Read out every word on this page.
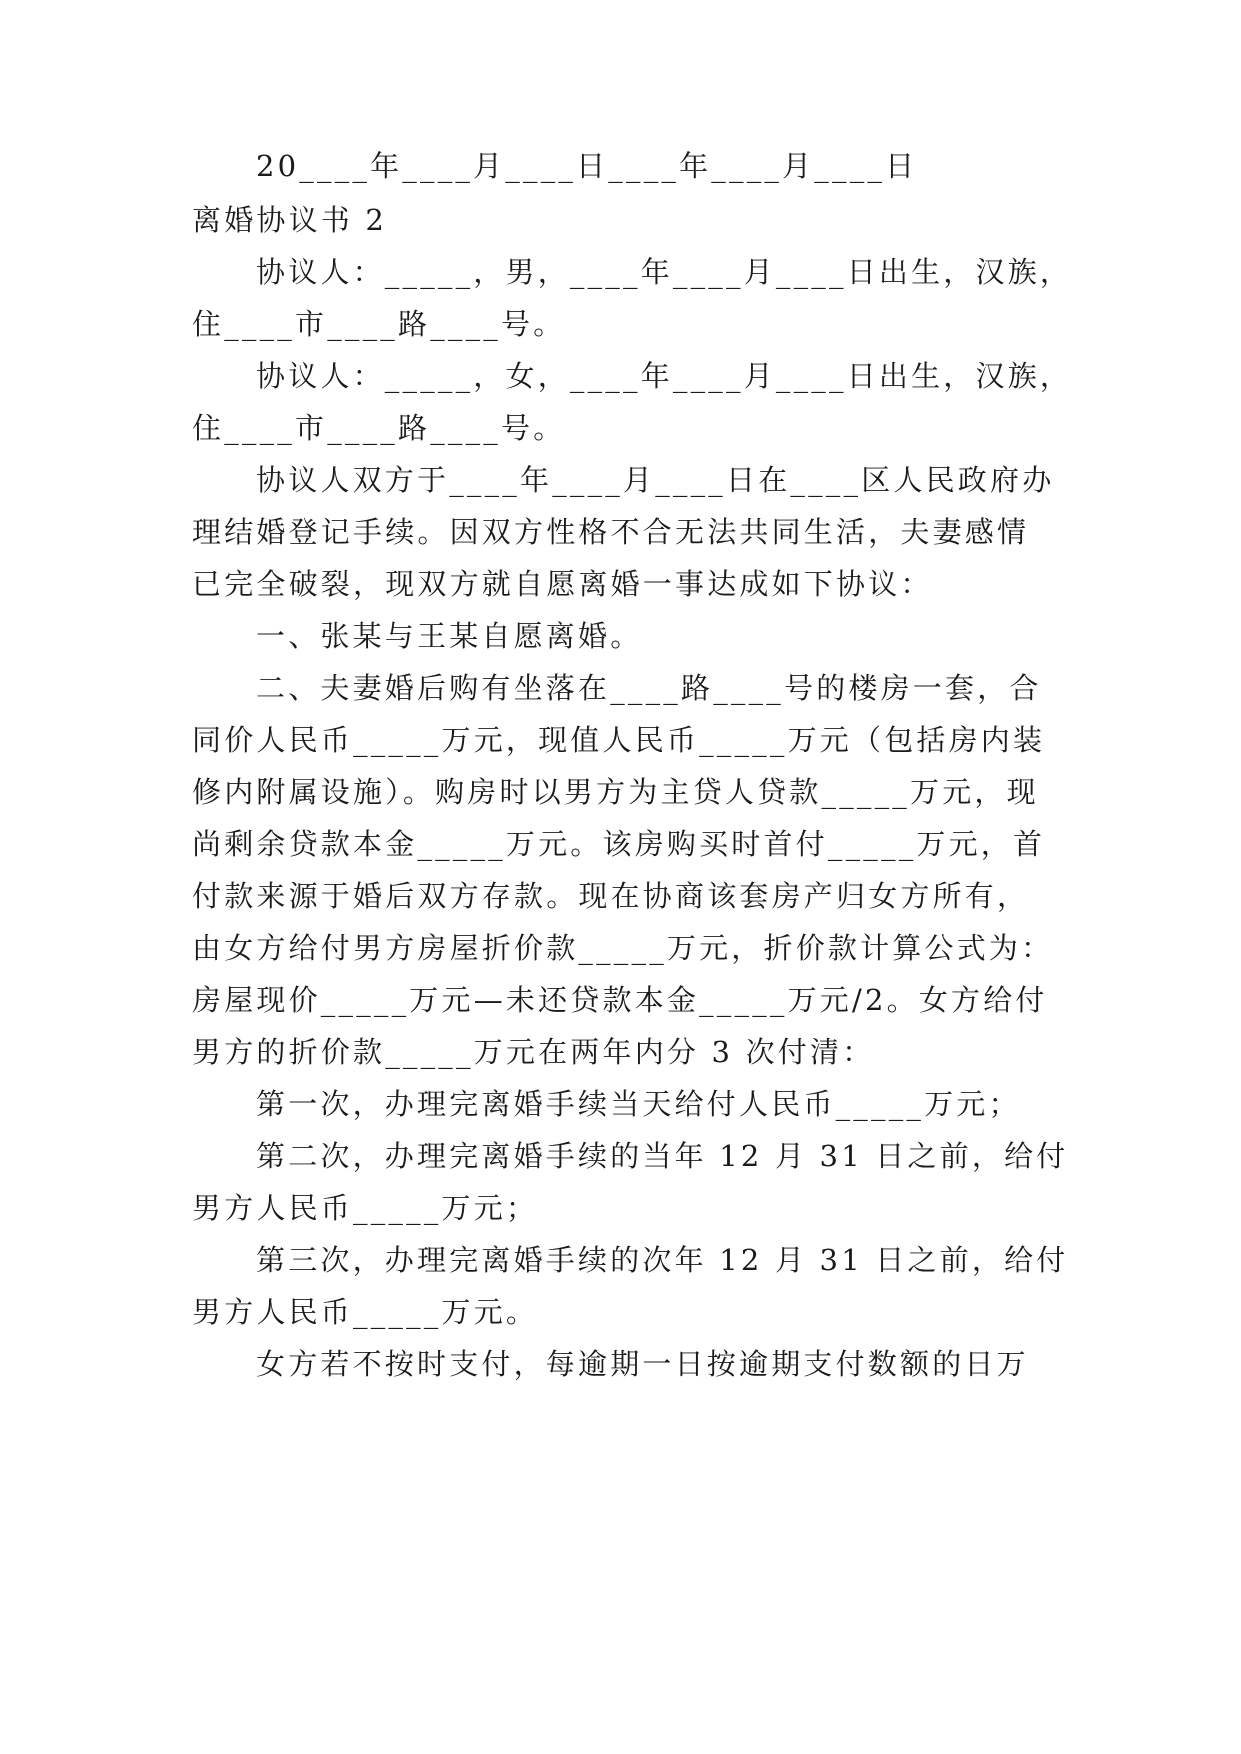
20____年____月____日____年____月____日
离婚协议书 2
协议人：_____，男，____年____月____日出生，汉族，
住____市____路____号。
协议人：_____，女，____年____月____日出生，汉族，
住____市____路____号。
协议人双方于____年____月____日在____区人民政府办
理结婚登记手续。因双方性格不合无法共同生活，夫妻感情
已完全破裂，现双方就自愿离婚一事达成如下协议：
一、张某与王某自愿离婚。
二、夫妻婚后购有坐落在____路____号的楼房一套，合
同价人民币_____万元，现值人民币_____万元（包括房内装
修内附属设施）。购房时以男方为主贷人贷款_____万元，现
尚剩余贷款本金_____万元。该房购买时首付_____万元，首
付款来源于婚后双方存款。现在协商该套房产归女方所有，
由女方给付男方房屋折价款_____万元，折价款计算公式为：
房屋现价_____万元—未还贷款本金_____万元/2。女方给付
男方的折价款_____万元在两年内分 3 次付清：
第一次，办理完离婚手续当天给付人民币_____万元；
第二次，办理完离婚手续的当年 12 月 31 日之前，给付
男方人民币_____万元；
第三次，办理完离婚手续的次年 12 月 31 日之前，给付
男方人民币_____万元。
女方若不按时支付，每逾期一日按逾期支付数额的日万
